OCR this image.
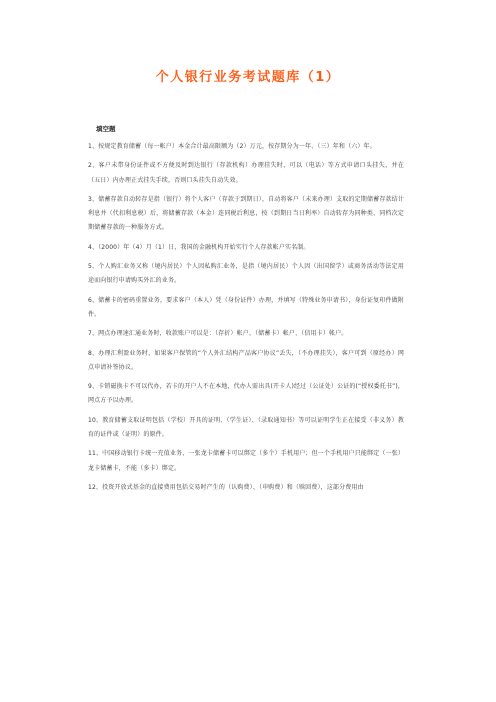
个人银行业务考试题库（1）
填空题
1、按规定教育储蓄（每一帐户）本金合计最高限额为（2）万元，按存期分为一年、（三）年和（六）年。
2、客户未带身份证件或不方便及时到达银行（存款机构）办理挂失时，可以（电话）等方式申请口头挂失，并在（五日）内办理正式挂失手续，否则口头挂失自动失效。
3、储蓄存款自动转存是指（银行）将个人客户（存款于到期日），自动将客户（未来办理）支取的定期储蓄存款结计利息并（代扣利息税）后，将储蓄存款（本金）连同税后利息，按（到期日当日利率）自动转存为同种类、同档次定期储蓄存款的一种服务方式。
4、（2000）年（4）月（1）日，我国的金融机构开始实行个人存款帐户实名制。
5、个人购汇业务又称（境内居民）个人因私购汇业务，是指（境内居民）个人因（出国留学）或商务活动等法定用途而向银行申请购买外汇的业务。
6、储蓄卡的密码重置业务，要求客户（本人）凭（身份证件）办理，并填写（特殊业务申请书），身份证复印件做附件。
7、网点办理速汇通业务时，收款账户可以是：（存折）帐户、（储蓄卡）帐户、（信用卡）帐户。
8、办理汇利盈业务时，如果客户保管的“个人外汇结构产品客户协议”丢失，（不办理挂失），客户可到（原经办）网点申请补签协议。
9、卡销磁换卡不可以代办，若卡的开户人不在本地，代办人需出具(开卡人)经过（公证处）公证的(“授权委托书”)，网点方予以办理。
10、教育储蓄支取证明包括（学校）开具的证明、（学生证）、（录取通知书）等可以证明学生正在接受（非义务）教育的证件或（证明）的原件。
11、中国移动银行卡统一充值业务，一张龙卡储蓄卡可以绑定（多个）手机用户；但一个手机用户只能绑定（一张）龙卡储蓄卡，不能（多卡）绑定。
12、投资开放式基金的直接费用包括交易时产生的（认购费）、（申购费）和（赎回费），这部分费用由
